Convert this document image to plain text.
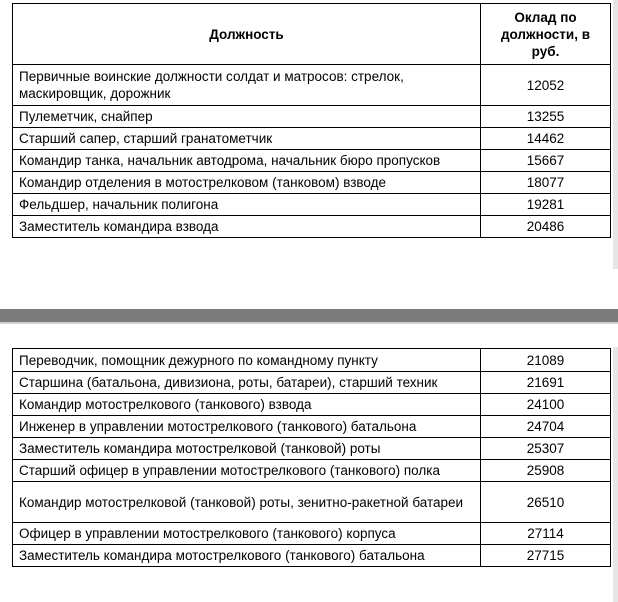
Должность	Оклад по должности, в руб.
Первичные воинские должности солдат и матросов: стрелок, маскировщик, дорожник	12052
Пулеметчик, снайпер	13255
Старший сапер, старший гранатометчик	14462
Командир танка, начальник автодрома, начальник бюро пропусков	15667
Командир отделения в мотострелковом (танковом) взводе	18077
Фельдшер, начальник полигона	19281
Заместитель командира взвода	20486
Переводчик, помощник дежурного по командному пункту	21089
Старшина (батальона, дивизиона, роты, батареи), старший техник	21691
Командир мотострелкового (танкового) взвода	24100
Инженер в управлении мотострелкового (танкового) батальона	24704
Заместитель командира мотострелковой (танковой) роты	25307
Старший офицер в управлении мотострелкового (танкового) полка	25908
Командир мотострелковой (танковой) роты, зенитно-ракетной батареи	26510
Офицер в управлении мотострелкового (танкового) корпуса	27114
Заместитель командира мотострелкового (танкового) батальона	27715
